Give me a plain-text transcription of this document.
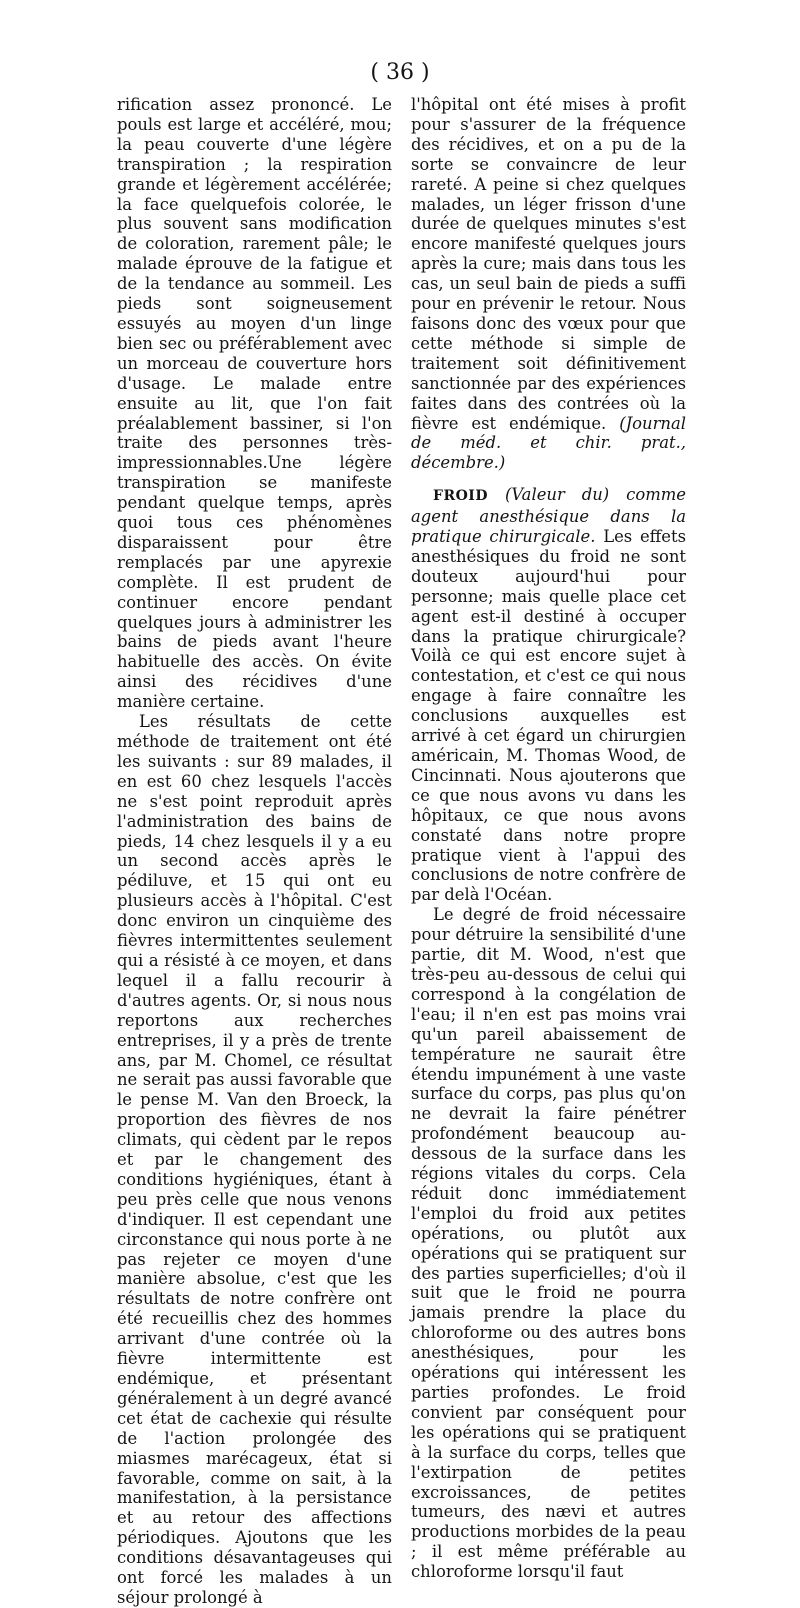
( 36 )

rification assez prononcé. Le pouls est large et accéléré, mou; la peau couverte d'une légère transpiration ; la respiration grande et légèrement accélérée; la face quelquefois colorée, le plus souvent sans modification de coloration, rarement pâle; le malade éprouve de la fatigue et de la tendance au sommeil. Les pieds sont soigneusement essuyés au moyen d'un linge bien sec ou préférablement avec un morceau de couverture hors d'usage. Le malade entre ensuite au lit, que l'on fait préalablement bassiner, si l'on traite des personnes très-impressionnables.Une légère transpiration se manifeste pendant quelque temps, après quoi tous ces phénomènes disparaissent pour être remplacés par une apyrexie complète. Il est prudent de continuer encore pendant quelques jours à administrer les bains de pieds avant l'heure habituelle des accès. On évite ainsi des récidives d'une manière certaine.

Les résultats de cette méthode de traitement ont été les suivants : sur 89 malades, il en est 60 chez lesquels l'accès ne s'est point reproduit après l'administration des bains de pieds, 14 chez lesquels il y a eu un second accès après le pédiluve, et 15 qui ont eu plusieurs accès à l'hôpital. C'est donc environ un cinquième des fièvres intermittentes seulement qui a résisté à ce moyen, et dans lequel il a fallu recourir à d'autres agents. Or, si nous nous reportons aux recherches entreprises, il y a près de trente ans, par M. Chomel, ce résultat ne serait pas aussi favorable que le pense M. Van den Broeck, la proportion des fièvres de nos climats, qui cèdent par le repos et par le changement des conditions hygiéniques, étant à peu près celle que nous venons d'indiquer. Il est cependant une circonstance qui nous porte à ne pas rejeter ce moyen d'une manière absolue, c'est que les résultats de notre confrère ont été recueillis chez des hommes arrivant d'une contrée où la fièvre intermittente est endémique, et présentant généralement à un degré avancé cet état de cachexie qui résulte de l'action prolongée des miasmes marécageux, état si favorable, comme on sait, à la manifestation, à la persistance et au retour des affections périodiques. Ajoutons que les conditions désavantageuses qui ont forcé les malades à un séjour prolongé à

l'hôpital ont été mises à profit pour s'assurer de la fréquence des récidives, et on a pu de la sorte se convaincre de leur rareté. A peine si chez quelques malades, un léger frisson d'une durée de quelques minutes s'est encore manifesté quelques jours après la cure; mais dans tous les cas, un seul bain de pieds a suffi pour en prévenir le retour. Nous faisons donc des vœux pour que cette méthode si simple de traitement soit définitivement sanctionnée par des expériences faites dans des contrées où la fièvre est endémique. (Journal de méd. et chir. prat., décembre.)

FROID (Valeur du) comme agent anesthésique dans la pratique chirurgicale. Les effets anesthésiques du froid ne sont douteux aujourd'hui pour personne; mais quelle place cet agent est-il destiné à occuper dans la pratique chirurgicale? Voilà ce qui est encore sujet à contestation, et c'est ce qui nous engage à faire connaître les conclusions auxquelles est arrivé à cet égard un chirurgien américain, M. Thomas Wood, de Cincinnati. Nous ajouterons que ce que nous avons vu dans les hôpitaux, ce que nous avons constaté dans notre propre pratique vient à l'appui des conclusions de notre confrère de par delà l'Océan.

Le degré de froid nécessaire pour détruire la sensibilité d'une partie, dit M. Wood, n'est que très-peu au-dessous de celui qui correspond à la congélation de l'eau; il n'en est pas moins vrai qu'un pareil abaissement de température ne saurait être étendu impunément à une vaste surface du corps, pas plus qu'on ne devrait la faire pénétrer profondément beaucoup au-dessous de la surface dans les régions vitales du corps. Cela réduit donc immédiatement l'emploi du froid aux petites opérations, ou plutôt aux opérations qui se pratiquent sur des parties superficielles; d'où il suit que le froid ne pourra jamais prendre la place du chloroforme ou des autres bons anesthésiques, pour les opérations qui intéressent les parties profondes. Le froid convient par conséquent pour les opérations qui se pratiquent à la surface du corps, telles que l'extirpation de petites excroissances, de petites tumeurs, des nævi et autres productions morbides de la peau ; il est même préférable au chloroforme lorsqu'il faut
